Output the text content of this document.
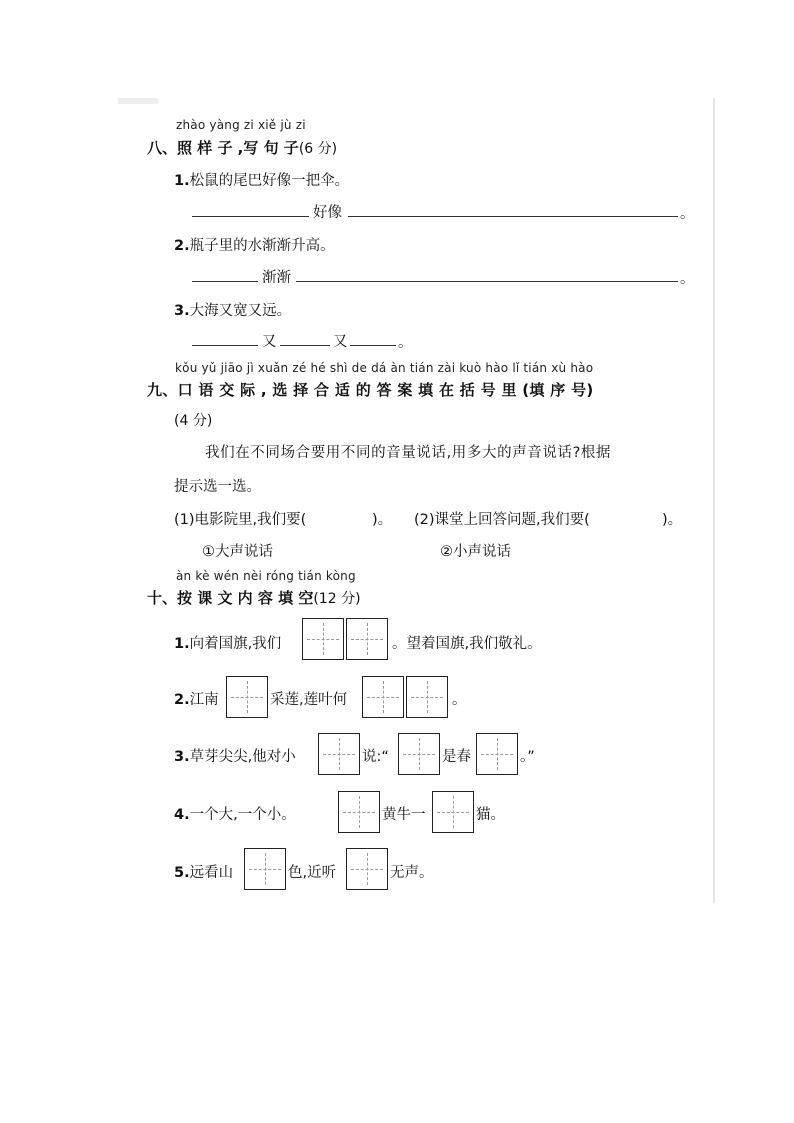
zhào yàng zi xiě jù zi
八、照 样 子 ,写 句 子(6 分)
1.松鼠的尾巴好像一把伞。
好像	。
2.瓶子里的水渐渐升高。
渐渐	。
3.大海又宽又远。
又	又	。
kǒu yǔ jiāo jì xuǎn zé hé shì de dá àn tián zài kuò hào lǐ tián xù hào
九、口 语 交 际 , 选 择 合 适 的 答 案 填 在 括 号 里 (填 序 号)
(4 分)
我们在不同场合要用不同的音量说话,用多大的声音说话?根据
提示选一选。
(1)电影院里,我们要(	)。 (2)课堂上回答问题,我们要(	)。
①大声说话	②小声说话
àn kè wén nèi róng tián kòng
十、按 课 文 内 容 填 空(12 分)
1.向着国旗,我们	。望着国旗,我们敬礼。
2.江南	采莲,莲叶何	。
3.草芽尖尖,他对小	说:“	是春	。”
4.一个大,一个小。	黄牛一	猫。
5.远看山	色,近听	无声。
